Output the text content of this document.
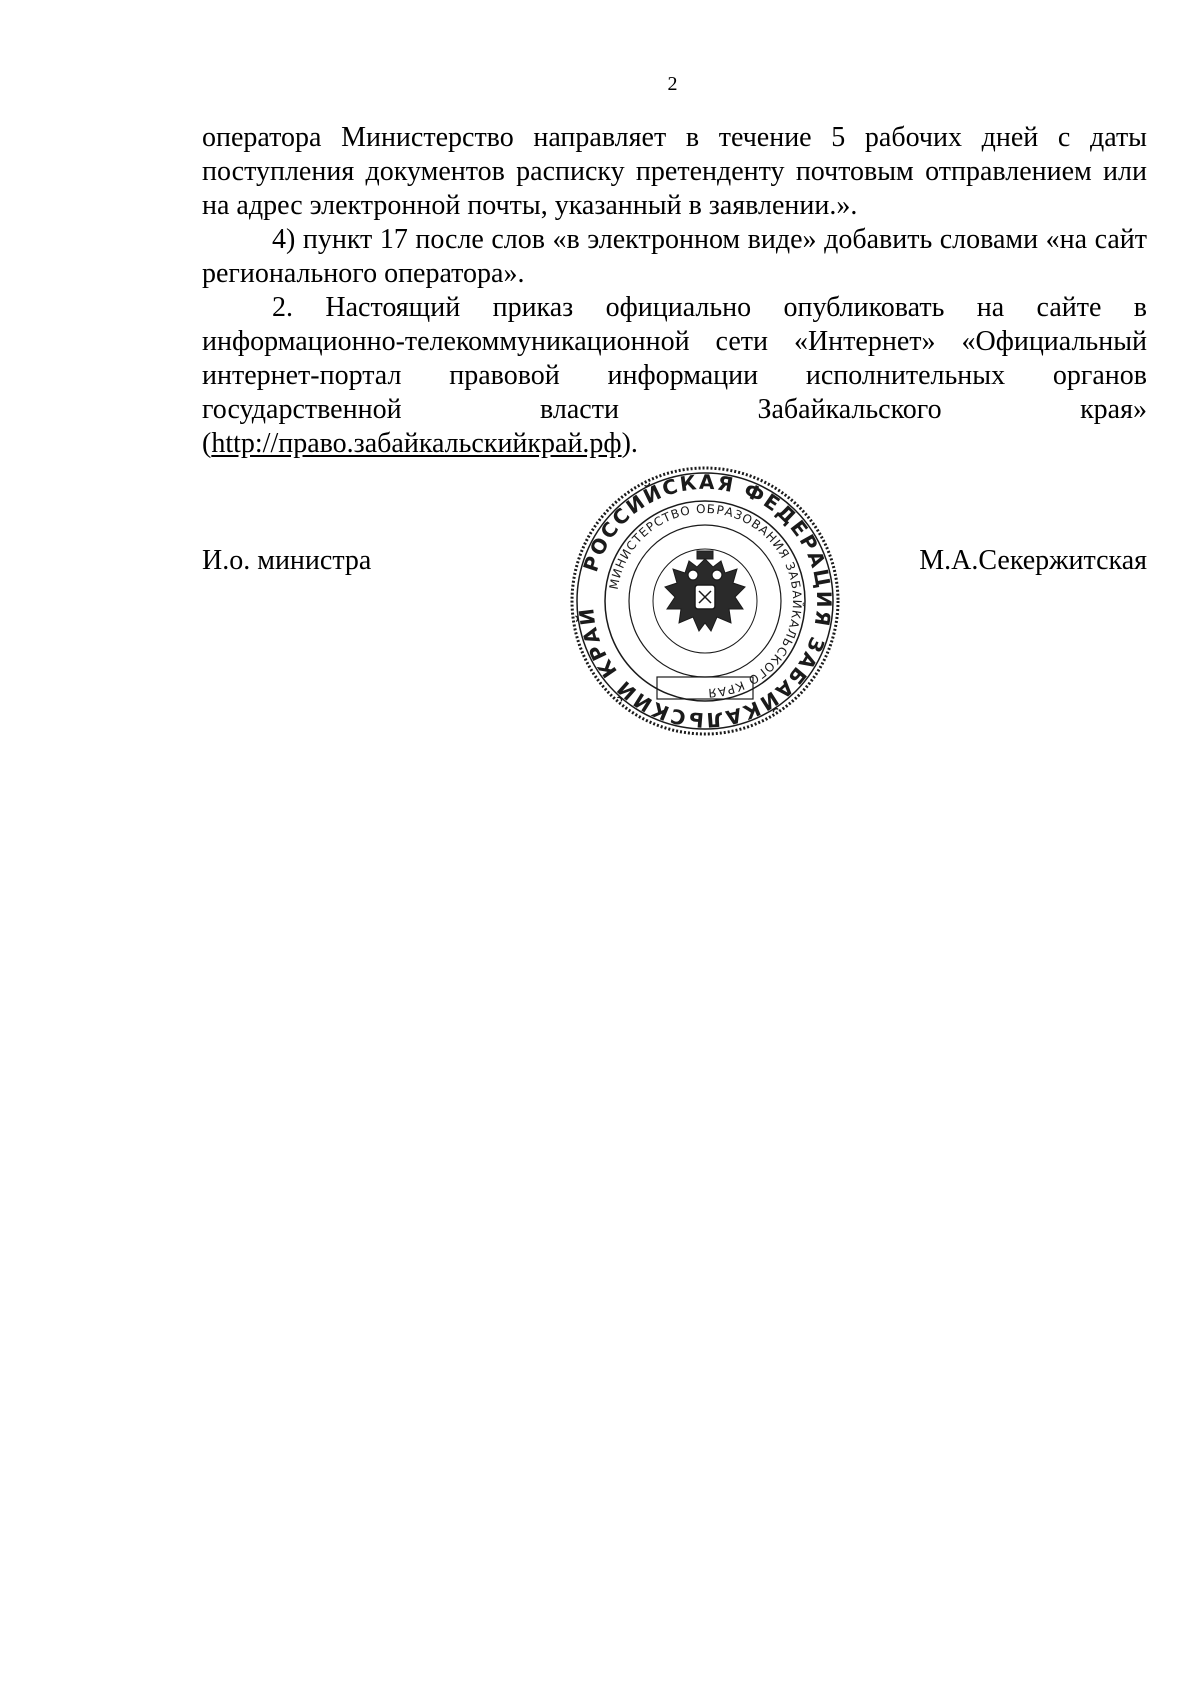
2

оператора Министерство направляет в течение 5 рабочих дней с даты поступления документов расписку претенденту почтовым отправлением или на адрес электронной почты, указанный в заявлении.».

4) пункт 17 после слов «в электронном виде» добавить словами «на сайт регионального оператора».

2. Настоящий приказ официально опубликовать на сайте в информационно-телекоммуникационной сети «Интернет» «Официальный интернет-портал правовой информации исполнительных органов государственной власти Забайкальского края»

(http://право.забайкальскийкрай.рф).

И.о. министра	М.А.Секержитская
РОССИЙСКАЯ ФЕДЕРАЦИЯ ЗАБАЙКАЛЬСКИЙ КРАЙ
МИНИСТЕРСТВО ОБРАЗОВАНИЯ ЗАБАЙКАЛЬСКОГО КРАЯ
